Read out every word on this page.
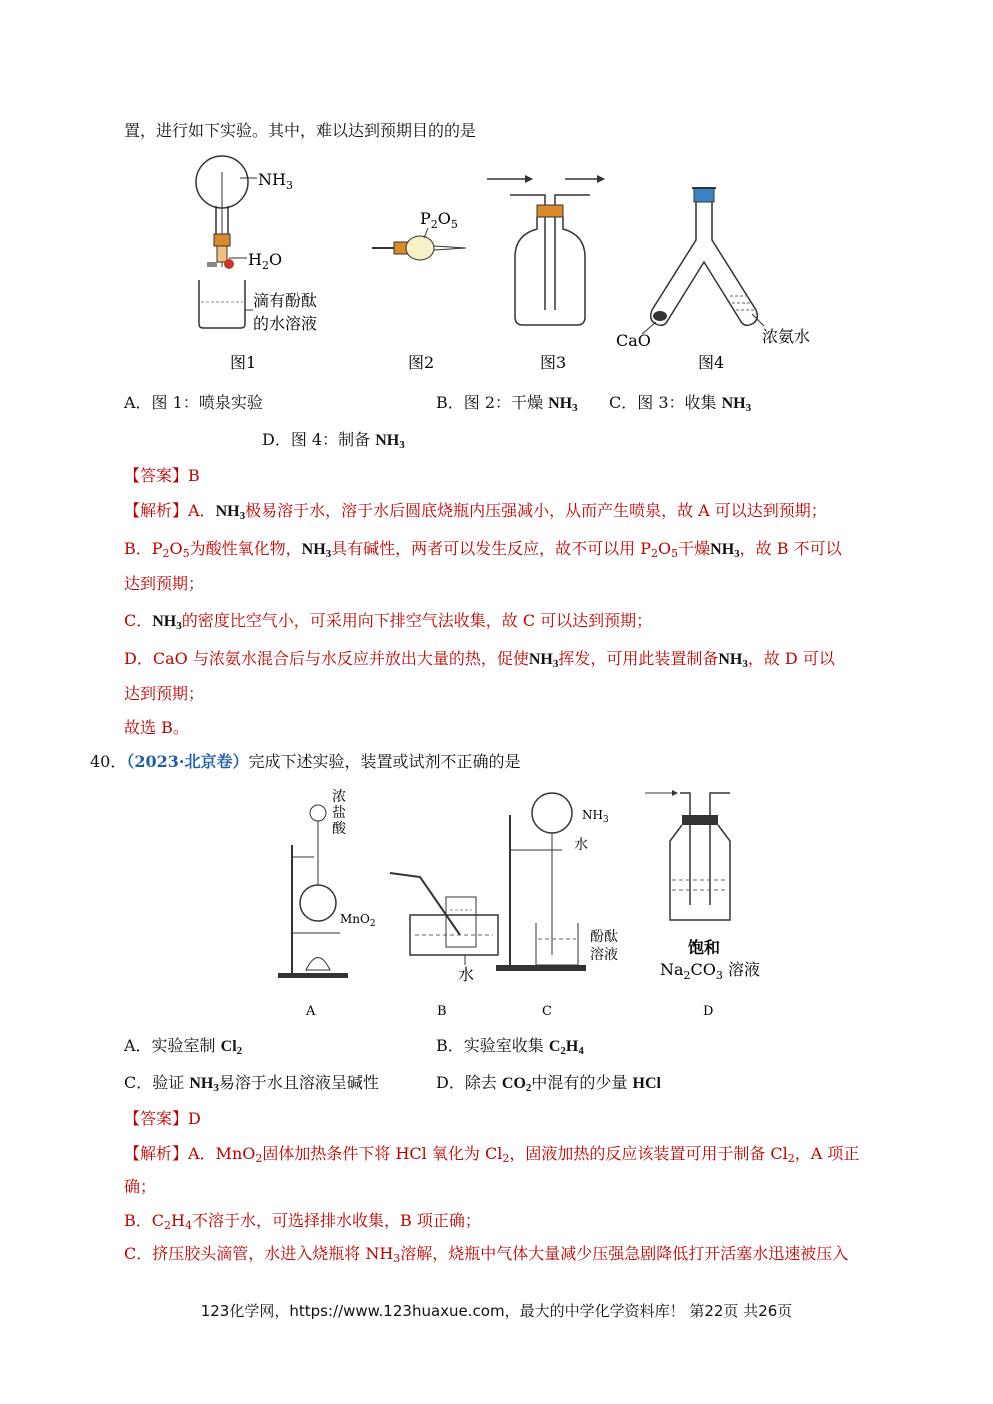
置，进行如下实验。其中，难以达到预期目的的是
$NH_3$
$H_2O$
滴有酚酞
的水溶液
图1
$P_2O_5$
图2	图3
CaO	浓氨水
图4
A．图 1：喷泉实验	B．图 2：干燥 $NH_3$ C．图 3：收集 $NH_3$
D．图 4：制备 $NH_3$
【答案】B
【解析】A．$NH_3$极易溶于水，溶于水后圆底烧瓶内压强减小，从而产生喷泉，故 A 可以达到预期；
B．$P_2O_5$为酸性氧化物，$NH_3$具有碱性，两者可以发生反应，故不可以用 $P_2O_5$干燥$NH_3$，故 B 不可以
达到预期；
C．$NH_3$的密度比空气小，可采用向下排空气法收集，故 C 可以达到预期；
D．CaO 与浓氨水混合后与水反应并放出大量的热，促使$NH_3$挥发，可用此装置制备$NH_3$，故 D 可以
达到预期；
故选 B。
40．（2023·北京卷）完成下述实验，装置或试剂不正确的是
浓
盐
酸
MnO$_2$
A
水
B
$NH_3$
水
酚酞
溶液
C
饱和
$Na_2CO_3$ 溶液
D
A．实验室制 $Cl_2$	B．实验室收集 $C_2H_4$
C．验证 $NH_3$易溶于水且溶液呈碱性	D．除去 $CO_2$中混有的少量 HCl
【答案】D
【解析】A．MnO$_2$固体加热条件下将 HCl 氧化为 $Cl_2$，固液加热的反应该装置可用于制备 $Cl_2$，A 项正
确；
B．$C_2H_4$不溶于水，可选择排水收集，B 项正确；
C．挤压胶头滴管，水进入烧瓶将 $NH_3$溶解，烧瓶中气体大量减少压强急剧降低打开活塞水迅速被压入
123化学网，https://www.123huaxue.com，最大的中学化学资料库！ 第22页 共26页
